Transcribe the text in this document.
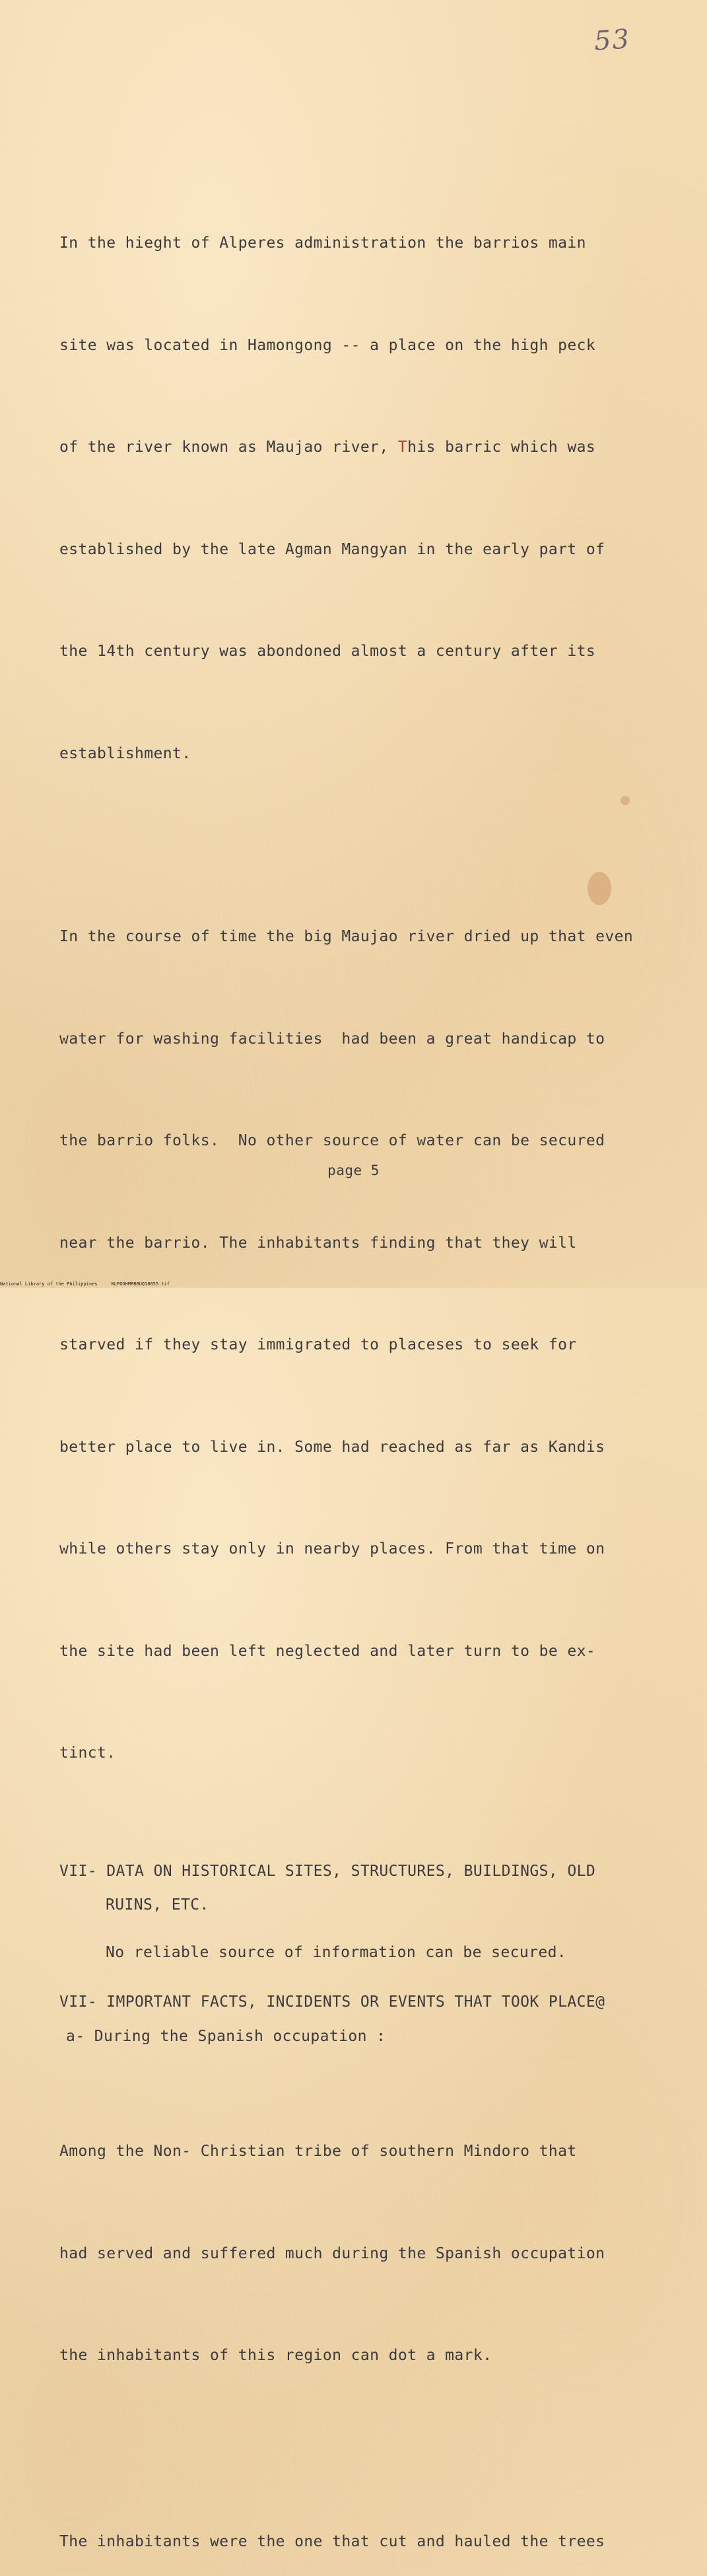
53

In the hieght of Alperes administration the barrios main

site was located in Hamongong -- a place on the high peck

of the river known as Maujao river, This barric which was

established by the late Agman Mangyan in the early part of

the 14th century was abondoned almost a century after its

establishment.

In the course of time the big Maujao river dried up that even

water for washing facilities  had been a great handicap to

the barrio folks.  No other source of water can be secured

near the barrio. The inhabitants finding that they will

starved if they stay immigrated to placeses to seek for

better place to live in. Some had reached as far as Kandis

while others stay only in nearby places. From that time on

the site had been left neglected and later turn to be ex-

tinct.

VII- DATA ON HISTORICAL SITES, STRUCTURES, BUILDINGS, OLD

RUINS, ETC.

No reliable source of information can be secured.

VII- IMPORTANT FACTS, INCIDENTS OR EVENTS THAT TOOK PLACE@

a- During the Spanish occupation :

Among the Non- Christian tribe of southern Mindoro that

had served and suffered much during the Spanish occupation

the inhabitants of this region can dot a mark.

The inhabitants were the one that cut and hauled the trees

page 5
National Library of the Philippines     NLPOOHMRBBUQ18055.tif
